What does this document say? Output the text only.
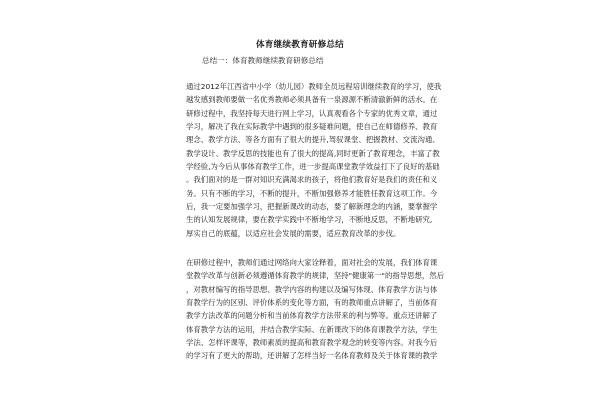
体育继续教育研修总结
总结一：体育教师继续教育研修总结
通过2012年江西省中小学（幼儿园）教师全员远程培训继续教育的学习，使我
越发感到教师要做一名优秀教师必须具备有一泉源源不断清澈新鲜的活水。在
研修过程中，我坚持每天进行网上学习，认真观看各个专家的优秀文章，通过
学习，解决了我在实际教学中遇到的很多疑难问题，使自己在师德修养、教育
理念、教学方法、等各方面有了很大的提升,驾驭课堂、把握教材、交流沟通、
教学设计、教学反思的技能也有了很大的提高,同时更新了教育理念，丰富了教
学经验,为今后从事体育教学工作，进一步提高课堂教学效益打下了良好的基础
。我们面对的是一群对知识充满渴求的孩子，将他们教育好是我们的责任和义
务。只有不断的学习，不断的提升，不断加强修养才能胜任教育这项工作。今
后，我一定要加强学习，把握新课改的动态，要了解新理念的内涵，要掌握学
生的认知发展规律，要在教学实践中不断地学习，不断地反思，不断地研究,
厚实自己的底蕴，以适应社会发展的需要，适应教育改革的步伐。
在研修过程中，教师们通过网络向大家诠释着，面对社会的发展，我们体育课
堂教学改革与创新必须遵循体育教学的规律，坚持"健康第一"的指导思想，然后
，对教材编写的指导思想、教学内容的构建以及编写体现、体育教学方法与体
育教学行为的区别、评价体系的变化等方面，有的教师重点讲解了，当前体育
教学方法改革的问题分析和当前体育教学方法带来的利与弊等。重点还讲解了
体育教学方法的运用，并结合教学实际、在新课改下的体育课教学方法，学生
学法、怎样评课等，教师素质的提高和教育教学观念的转变等内容。对我今后
的学习有了更大的帮助，还讲解了怎样当好一名体育教师及关于体育课的教学
